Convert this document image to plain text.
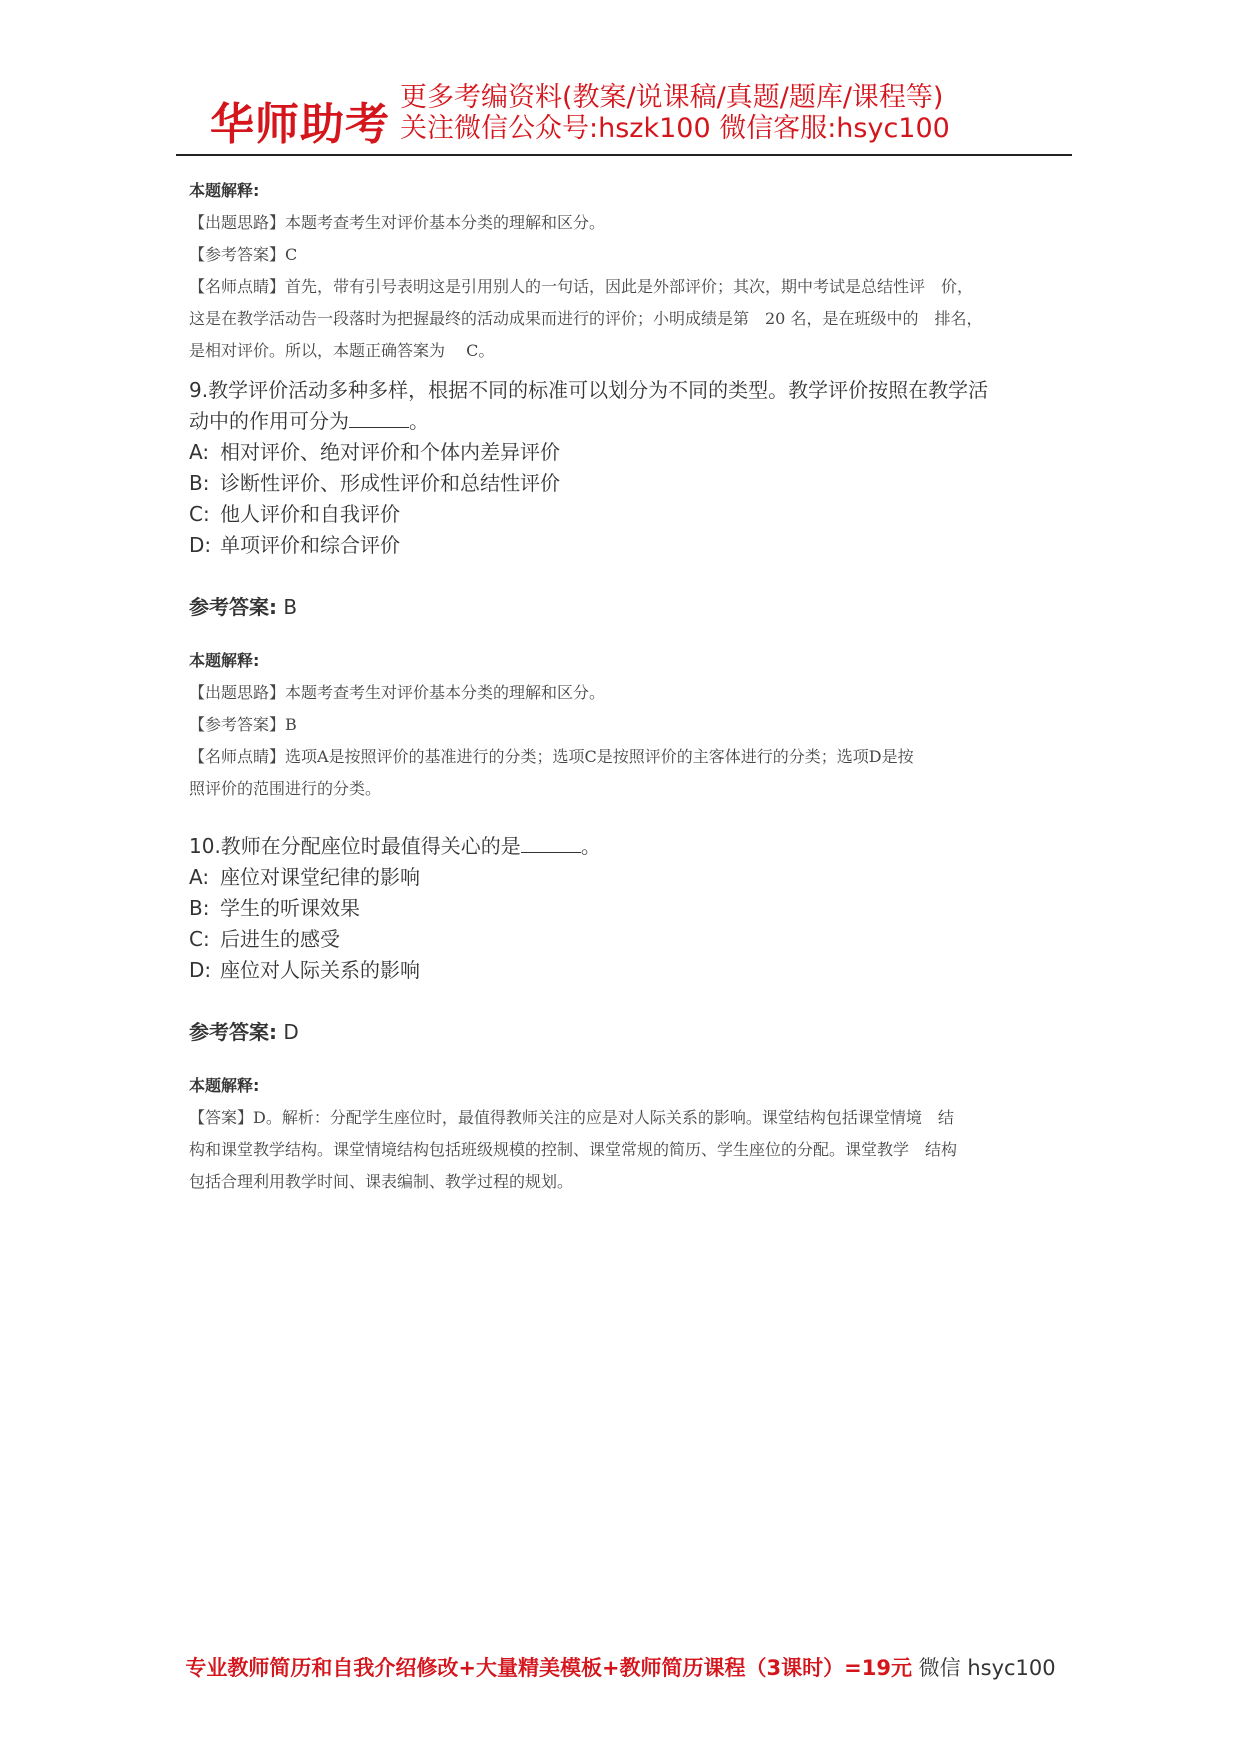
华师助考
更多考编资料(教案/说课稿/真题/题库/课程等)
关注微信公众号:hszk100 微信客服:hsyc100
本题解释:
【出题思路】本题考查考生对评价基本分类的理解和区分。
【参考答案】C
【名师点睛】首先，带有引号表明这是引用别人的一句话，因此是外部评价；其次，期中考试是总结性评　价，
这是在教学活动告一段落时为把握最终的活动成果而进行的评价；小明成绩是第　20 名，是在班级中的　排名，
是相对评价。所以，本题正确答案为　 C。
9.教学评价活动多种多样，根据不同的标准可以划分为不同的类型。教学评价按照在教学活
动中的作用可分为	。
A: 相对评价、绝对评价和个体内差异评价
B: 诊断性评价、形成性评价和总结性评价
C: 他人评价和自我评价
D: 单项评价和综合评价
参考答案: B
本题解释:
【出题思路】本题考查考生对评价基本分类的理解和区分。
【参考答案】B
【名师点睛】选项A是按照评价的基准进行的分类；选项C是按照评价的主客体进行的分类；选项D是按
照评价的范围进行的分类。
10.教师在分配座位时最值得关心的是	。
A: 座位对课堂纪律的影响
B: 学生的听课效果
C: 后进生的感受
D: 座位对人际关系的影响
参考答案: D
本题解释:
【答案】D。解析：分配学生座位时，最值得教师关注的应是对人际关系的影响。课堂结构包括课堂情境　结
构和课堂教学结构。课堂情境结构包括班级规模的控制、课堂常规的简历、学生座位的分配。课堂教学　结构
包括合理利用教学时间、课表编制、教学过程的规划。
专业教师简历和自我介绍修改+大量精美模板+教师简历课程（3课时）=19元 微信 hsyc100
